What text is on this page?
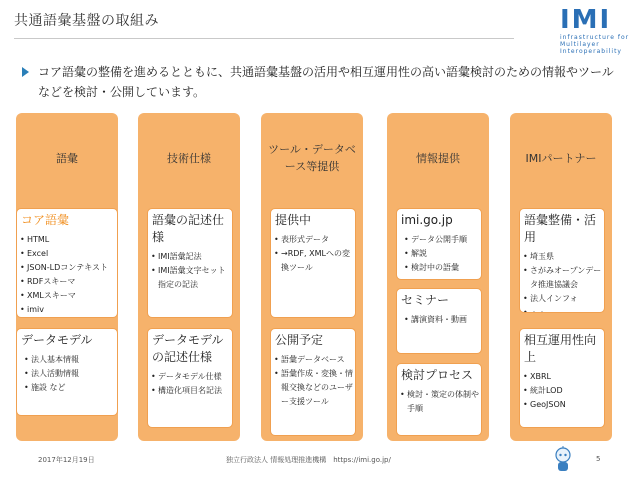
共通語彙基盤の取組み	IMI
infrastructure for Multilayer Interoperability
コア語彙の整備を進めるとともに、共通語彙基盤の活用や相互運用性の高い語彙検討のための情報やツールなどを検討・公開しています。
語彙
コア語彙
• HTML
• Excel
• JSON-LDコンテキスト
• RDFスキーマ
• XMLスキーマ
• imiv
データモデル
• 法人基本情報
• 法人活動情報
• 施設 など
技術仕様
語彙の記述仕様
• IMI語彙記法
• IMI語彙文字セット指定の記法
データモデルの記述仕様
• データモデル仕様
• 構造化項目名記法
ツール・データベース等提供
提供中
• 表形式データ
• →RDF, XMLへの変換ツール
公開予定
• 語彙データベース
• 語彙作成・変換・情報交換などのユーザー支援ツール
情報提供
imi.go.jp
• データ公開手順
• 解説
• 検討中の語彙
セミナー
• 講演資料・動画
検討プロセス
• 検討・策定の体制や手順
IMIパートナー
語彙整備・活用
• 埼玉県
• さがみオープンデータ推進協議会
• 法人インフォ
• ・・
相互運用性向上
• XBRL
• 統計LOD
• GeoJSON
2017年12月19日	独立行政法人 情報処理推進機構　https://imi.go.jp/	5
